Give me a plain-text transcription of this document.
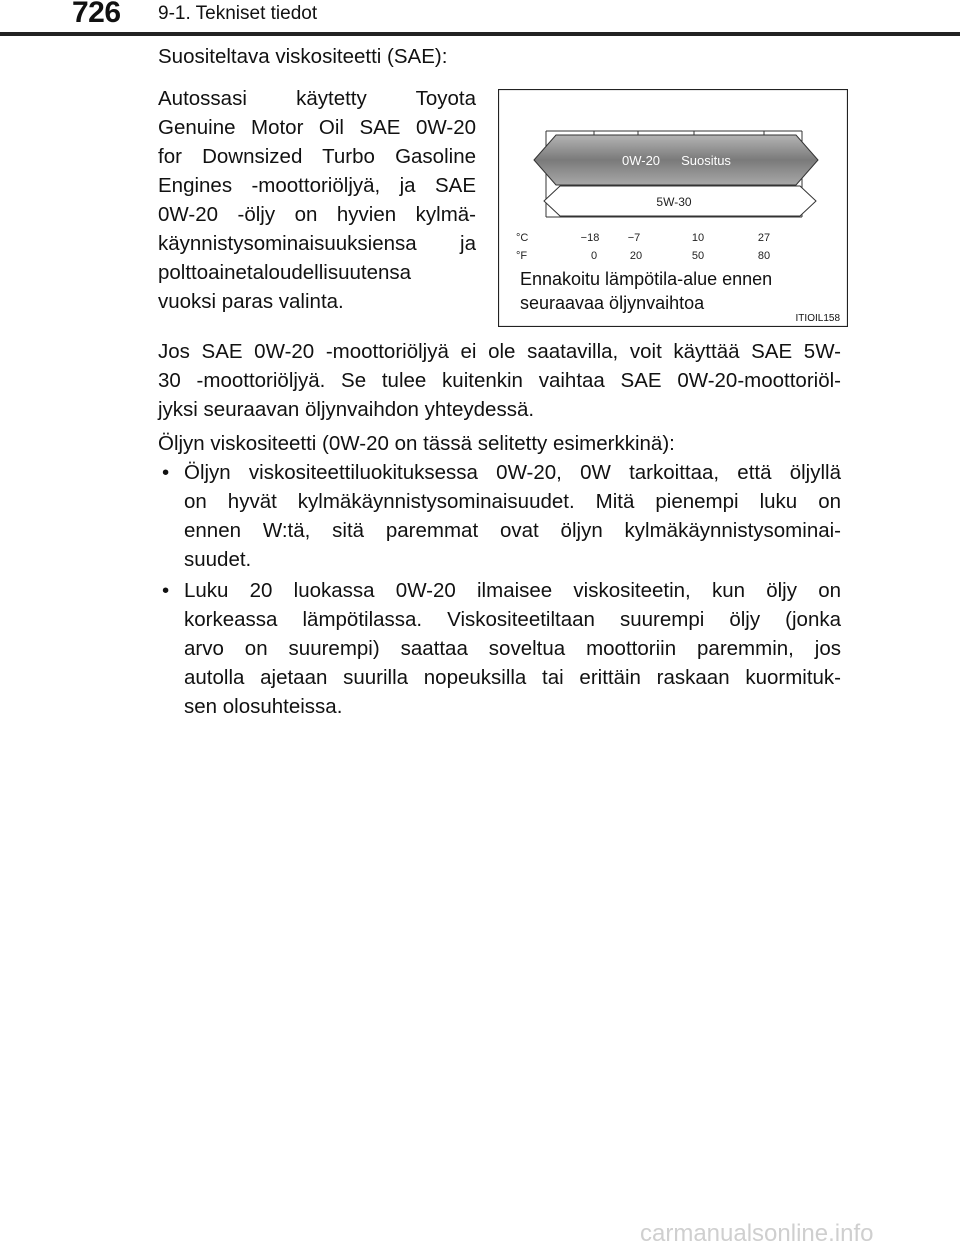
726 9-1. Tekniset tiedot
Suositeltava viskositeetti (SAE):
Autossasi käytetty Toyota
Genuine Motor Oil SAE 0W-20
for Downsized Turbo Gasoline
Engines -moottoriöljyä, ja SAE
0W-20 -öljy on hyvien kylmä-
käynnistysominaisuuksiensa ja
polttoainetaloudellisuutensa
vuoksi paras valinta.
0W-20 Suositus
5W-30
°C
°F
−18	−7	10	27
0	20	50	80
Ennakoitu lämpötila-alue ennen
seuraavaa öljynvaihtoa
ITIOIL158
Jos SAE 0W-20 -moottoriöljyä ei ole saatavilla, voit käyttää SAE 5W-
30 -moottoriöljyä. Se tulee kuitenkin vaihtaa SAE 0W-20-moottoriöl-
jyksi seuraavan öljynvaihdon yhteydessä.
Öljyn viskositeetti (0W-20 on tässä selitetty esimerkkinä):
• Öljyn viskositeettiluokituksessa 0W-20, 0W tarkoittaa, että öljyllä
on hyvät kylmäkäynnistysominaisuudet. Mitä pienempi luku on
ennen W:tä, sitä paremmat ovat öljyn kylmäkäynnistysominai-
suudet.
• Luku 20 luokassa 0W-20 ilmaisee viskositeetin, kun öljy on
korkeassa lämpötilassa. Viskositeetiltaan suurempi öljy (jonka
arvo on suurempi) saattaa soveltua moottoriin paremmin, jos
autolla ajetaan suurilla nopeuksilla tai erittäin raskaan kuormituk-
sen olosuhteissa.
carmanualsonline.info
